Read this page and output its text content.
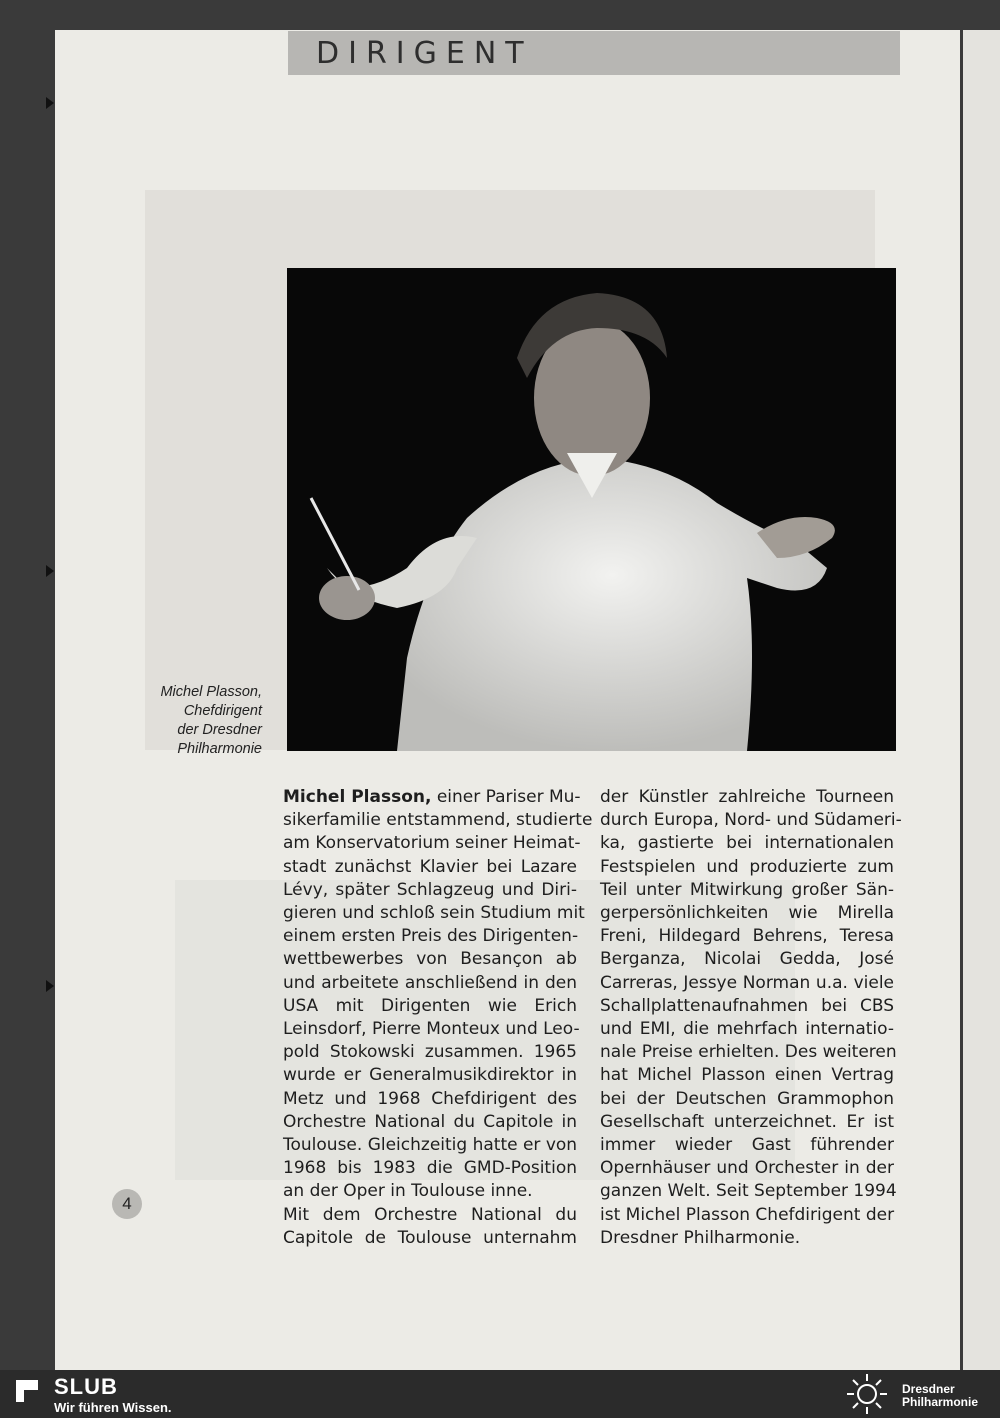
DIRIGENT
Michel Plasson,
Chefdirigent
der Dresdner
Philharmonie
Michel Plasson, einer Pariser Mu-
sikerfamilie entstammend, studierte
am Konservatorium seiner Heimat-
stadt zunächst Klavier bei Lazare
Lévy, später Schlagzeug und Diri-
gieren und schloß sein Studium mit
einem ersten Preis des Dirigenten-
wettbewerbes von Besançon ab
und arbeitete anschließend in den
USA mit Dirigenten wie Erich
Leinsdorf, Pierre Monteux und Leo-
pold Stokowski zusammen. 1965
wurde er Generalmusikdirektor in
Metz und 1968 Chefdirigent des
Orchestre National du Capitole in
Toulouse. Gleichzeitig hatte er von
1968 bis 1983 die GMD-Position
an der Oper in Toulouse inne.
Mit dem Orchestre National du
Capitole de Toulouse unternahm
der Künstler zahlreiche Tourneen
durch Europa, Nord- und Südameri-
ka, gastierte bei internationalen
Festspielen und produzierte zum
Teil unter Mitwirkung großer Sän-
gerpersönlichkeiten wie Mirella
Freni, Hildegard Behrens, Teresa
Berganza, Nicolai Gedda, José
Carreras, Jessye Norman u.a. viele
Schallplattenaufnahmen bei CBS
und EMI, die mehrfach internatio-
nale Preise erhielten. Des weiteren
hat Michel Plasson einen Vertrag
bei der Deutschen Grammophon
Gesellschaft unterzeichnet. Er ist
immer wieder Gast führender
Opernhäuser und Orchester in der
ganzen Welt. Seit September 1994
ist Michel Plasson Chefdirigent der
Dresdner Philharmonie.
4
SLUB
Wir führen Wissen.
Dresdner
Philharmonie
